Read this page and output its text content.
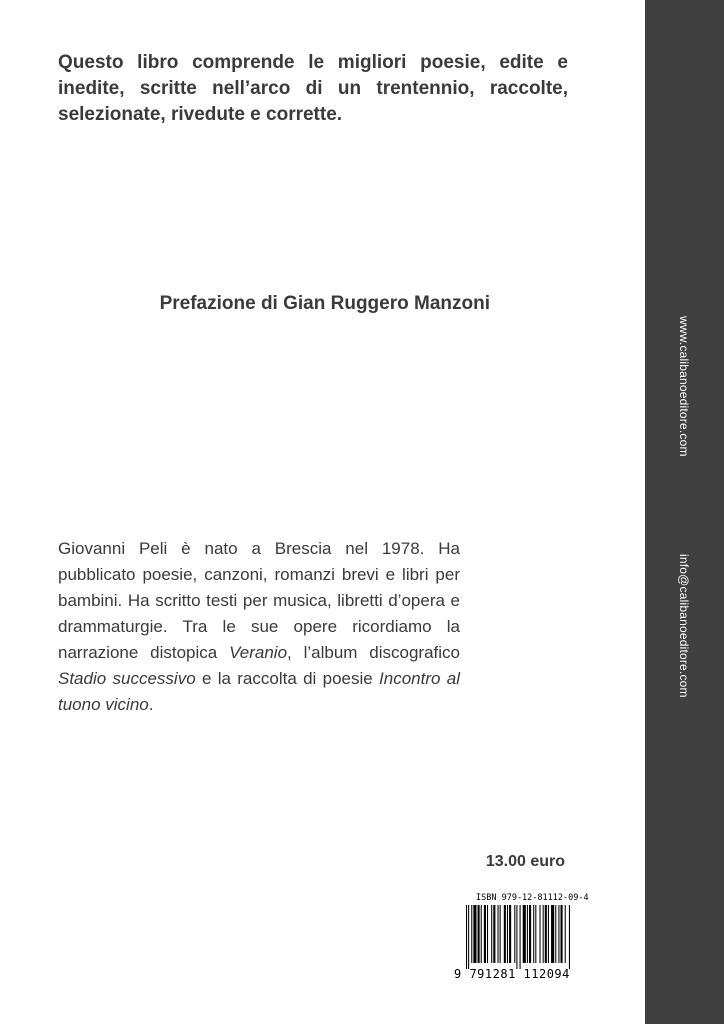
Questo libro comprende le migliori poesie, edite e inedite, scritte nell’arco di un trentennio, raccolte, selezionate, rivedute e corrette.

Prefazione di Gian Ruggero Manzoni

Giovanni Peli è nato a Brescia nel 1978. Ha pubblicato poesie, canzoni, romanzi brevi e libri per bambini. Ha scritto testi per musica, libretti d’opera e drammaturgie. Tra le sue opere ricordiamo la narrazione distopica Veranio, l’album discografico Stadio successivo e la raccolta di poesie Incontro al tuono vicino.

13.00 euro

ISBN 979-12-81112-09-4

9 791281 112094

www.calibanoeditore.com
info@calibanoeditore.com
